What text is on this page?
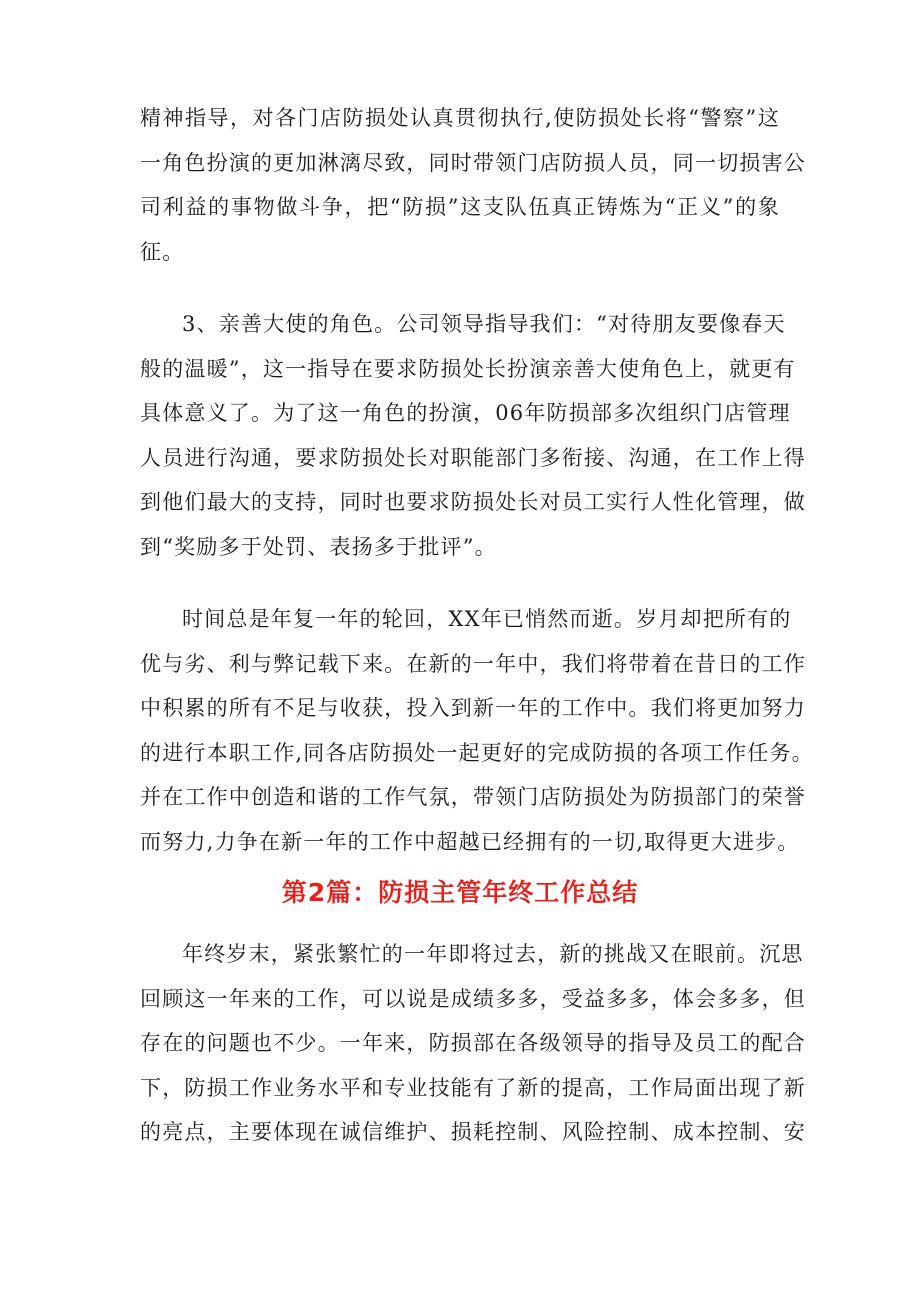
精神指导，对各门店防损处认真贯彻执行,使防损处长将“警察”这
一角色扮演的更加淋漓尽致，同时带领门店防损人员，同一切损害公
司利益的事物做斗争，把“防损”这支队伍真正铸炼为“正义”的象
征。

3、亲善大使的角色。公司领导指导我们：“对待朋友要像春天
般的温暖”，这一指导在要求防损处长扮演亲善大使角色上，就更有
具体意义了。为了这一角色的扮演，06年防损部多次组织门店管理
人员进行沟通，要求防损处长对职能部门多衔接、沟通，在工作上得
到他们最大的支持，同时也要求防损处长对员工实行人性化管理，做
到“奖励多于处罚、表扬多于批评”。

时间总是年复一年的轮回，XX年已悄然而逝。岁月却把所有的
优与劣、利与弊记载下来。在新的一年中，我们将带着在昔日的工作
中积累的所有不足与收获，投入到新一年的工作中。我们将更加努力
的进行本职工作,同各店防损处一起更好的完成防损的各项工作任务。
并在工作中创造和谐的工作气氛，带领门店防损处为防损部门的荣誉
而努力,力争在新一年的工作中超越已经拥有的一切,取得更大进步。

第2篇：防损主管年终工作总结

年终岁末，紧张繁忙的一年即将过去，新的挑战又在眼前。沉思
回顾这一年来的工作，可以说是成绩多多，受益多多，体会多多，但
存在的问题也不少。一年来，防损部在各级领导的指导及员工的配合
下，防损工作业务水平和专业技能有了新的提高，工作局面出现了新
的亮点，主要体现在诚信维护、损耗控制、风险控制、成本控制、安
